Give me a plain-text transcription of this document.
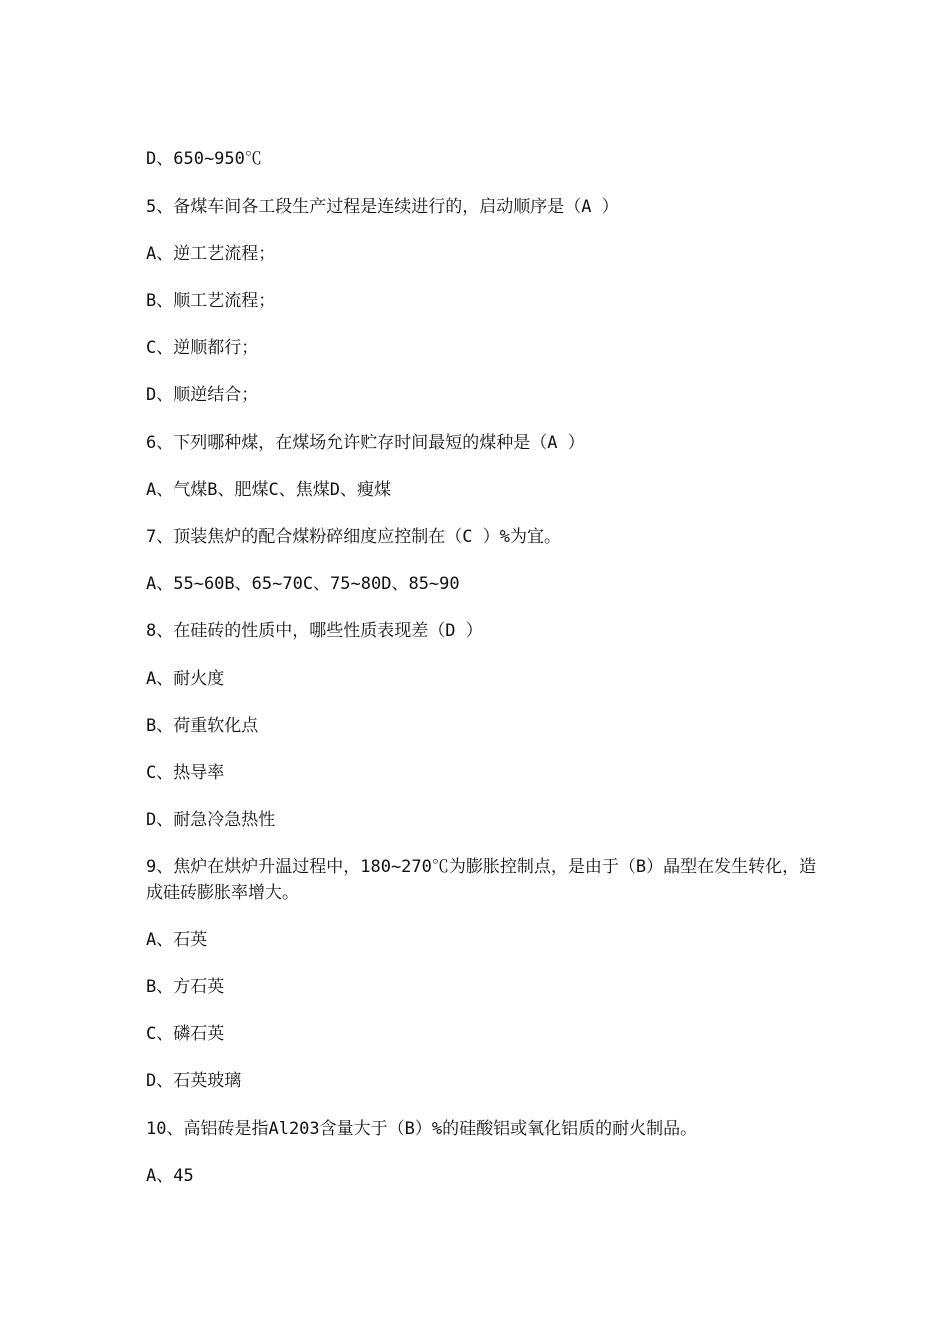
D、650~950℃
5、备煤车间各工段生产过程是连续进行的，启动顺序是（A ）
A、逆工艺流程；
B、顺工艺流程；
C、逆顺都行；
D、顺逆结合；
6、下列哪种煤，在煤场允许贮存时间最短的煤种是（A ）
A、气煤B、肥煤C、焦煤D、瘦煤
7、顶装焦炉的配合煤粉碎细度应控制在（C ）%为宜。
A、55~60B、65~70C、75~80D、85~90
8、在硅砖的性质中，哪些性质表现差（D ）
A、耐火度
B、荷重软化点
C、热导率
D、耐急冷急热性
9、焦炉在烘炉升温过程中，180~270℃为膨胀控制点，是由于（B）晶型在发生转化，造成硅砖膨胀率增大。
A、石英
B、方石英
C、磷石英
D、石英玻璃
10、高铝砖是指Al203含量大于（B）%的硅酸铝或氧化铝质的耐火制品。
A、45
